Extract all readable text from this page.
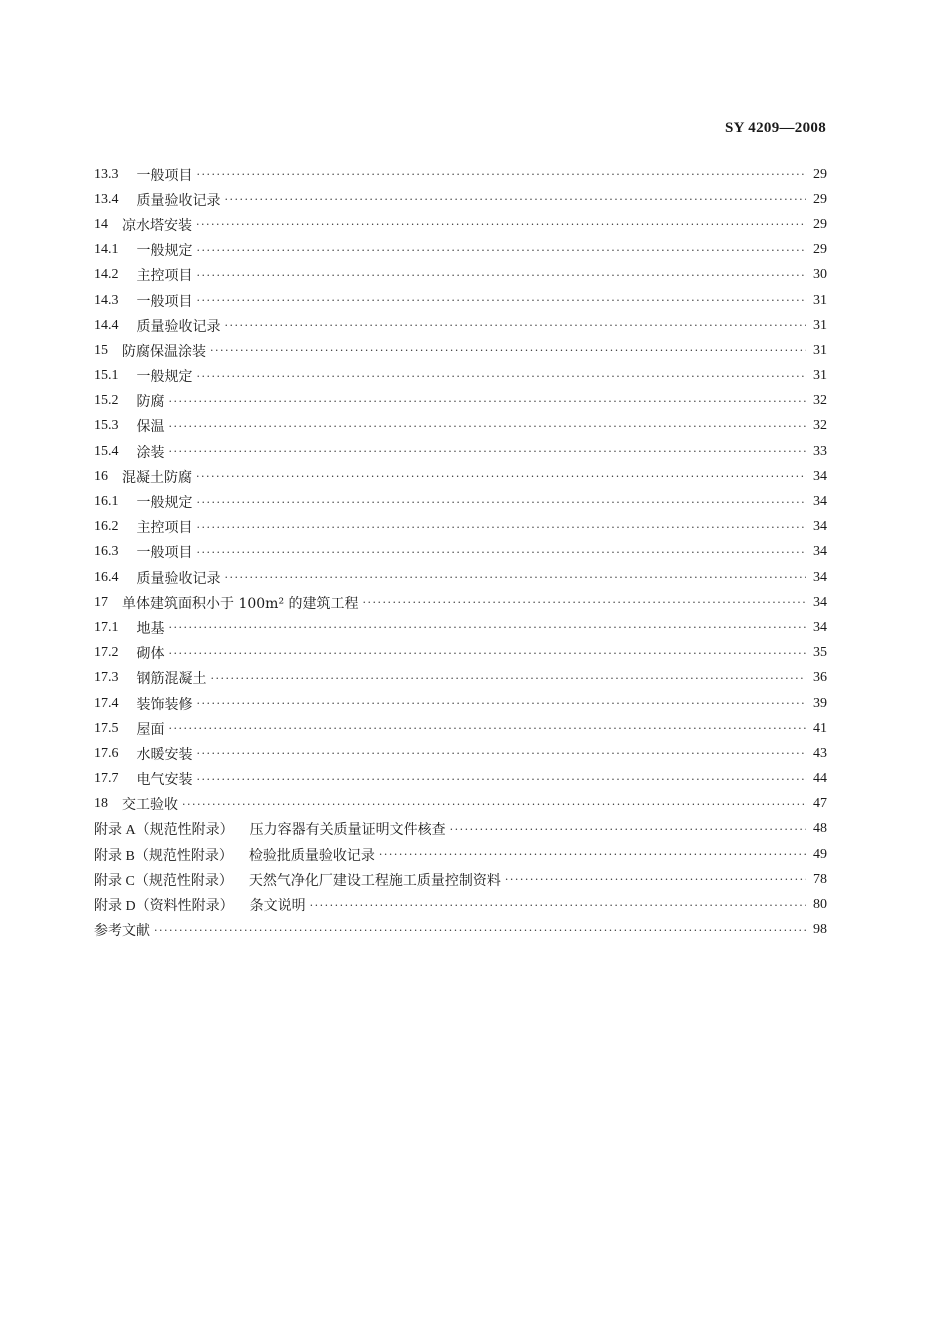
SY 4209—2008
13.3 一般项目 ·····	29
13.4 质量验收记录 ·····	29
14 凉水塔安装 ·····	29
14.1 一般规定 ·····	29
14.2 主控项目 ·····	30
14.3 一般项目 ·····	31
14.4 质量验收记录 ·····	31
15 防腐保温涂装 ·····	31
15.1 一般规定 ·····	31
15.2 防腐 ·····	32
15.3 保温 ·····	32
15.4 涂装 ·····	33
16 混凝土防腐 ·····	34
16.1 一般规定 ·····	34
16.2 主控项目 ·····	34
16.3 一般项目 ·····	34
16.4 质量验收记录 ·····	34
17 单体建筑面积小于 100m² 的建筑工程 ·····	34
17.1 地基 ·····	34
17.2 砌体 ·····	35
17.3 钢筋混凝土 ·····	36
17.4 装饰装修 ·····	39
17.5 屋面 ·····	41
17.6 水暖安装 ·····	43
17.7 电气安装 ·····	44
18 交工验收 ·····	47
附录 A（规范性附录） 压力容器有关质量证明文件核查 ·····	48
附录 B（规范性附录） 检验批质量验收记录 ·····	49
附录 C（规范性附录） 天然气净化厂建设工程施工质量控制资料 ·····	78
附录 D（资料性附录） 条文说明 ·····	80
参考文献 ·····	98
